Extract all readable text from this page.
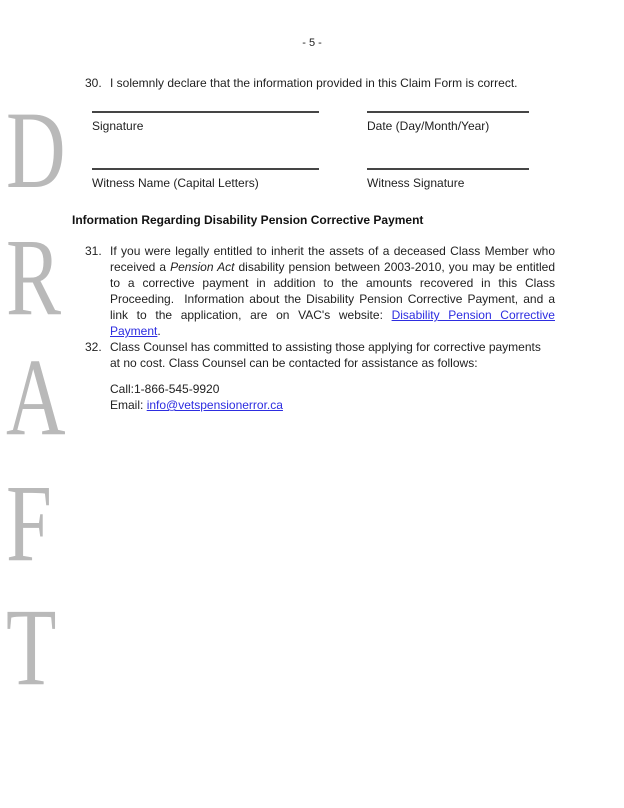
D
R
A
F
T
- 5 -
30. I solemnly declare that the information provided in this Claim Form is correct.
Signature	Date (Day/Month/Year)
Witness Name (Capital Letters)	Witness Signature
Information Regarding Disability Pension Corrective Payment
31. If you were legally entitled to inherit the assets of a deceased Class Member who
received a Pension Act disability pension between 2003-2010, you may be entitled
to a corrective payment in addition to the amounts recovered in this Class
Proceeding.  Information about the Disability Pension Corrective Payment, and a
link to the application, are on VAC's website: Disability Pension Corrective
Payment.
32. Class Counsel has committed to assisting those applying for corrective payments
at no cost. Class Counsel can be contacted for assistance as follows:
Call:1-866-545-9920
Email: info@vetspensionerror.ca
